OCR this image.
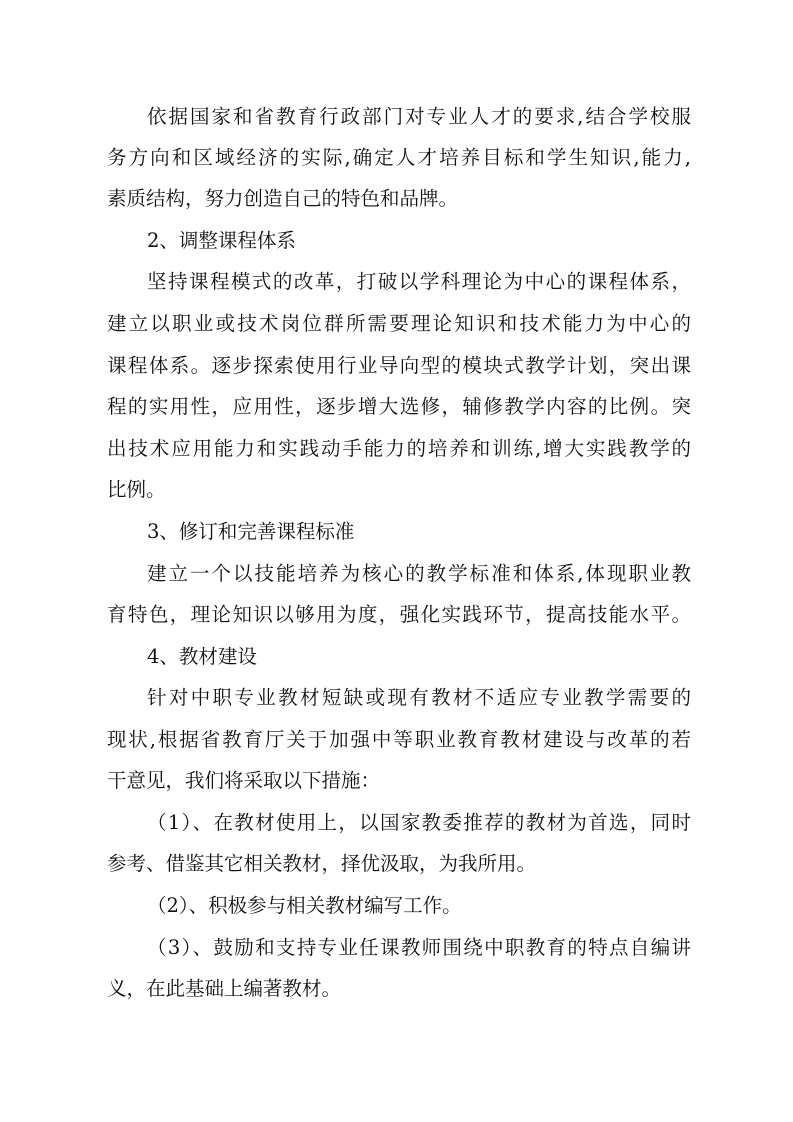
依据国家和省教育行政部门对专业人才的要求,结合学校服
务方向和区域经济的实际,确定人才培养目标和学生知识,能力,
素质结构，努力创造自己的特色和品牌。
2、调整课程体系
坚持课程模式的改革，打破以学科理论为中心的课程体系，
建立以职业或技术岗位群所需要理论知识和技术能力为中心的
课程体系。逐步探索使用行业导向型的模块式教学计划，突出课
程的实用性，应用性，逐步增大选修，辅修教学内容的比例。突
出技术应用能力和实践动手能力的培养和训练,增大实践教学的
比例。
3、修订和完善课程标准
建立一个以技能培养为核心的教学标准和体系,体现职业教
育特色，理论知识以够用为度，强化实践环节，提高技能水平。
4、教材建设
针对中职专业教材短缺或现有教材不适应专业教学需要的
现状,根据省教育厅关于加强中等职业教育教材建设与改革的若
干意见，我们将采取以下措施：
（1）、在教材使用上，以国家教委推荐的教材为首选，同时
参考、借鉴其它相关教材，择优汲取，为我所用。
（2）、积极参与相关教材编写工作。
（3）、鼓励和支持专业任课教师围绕中职教育的特点自编讲
义，在此基础上编著教材。
